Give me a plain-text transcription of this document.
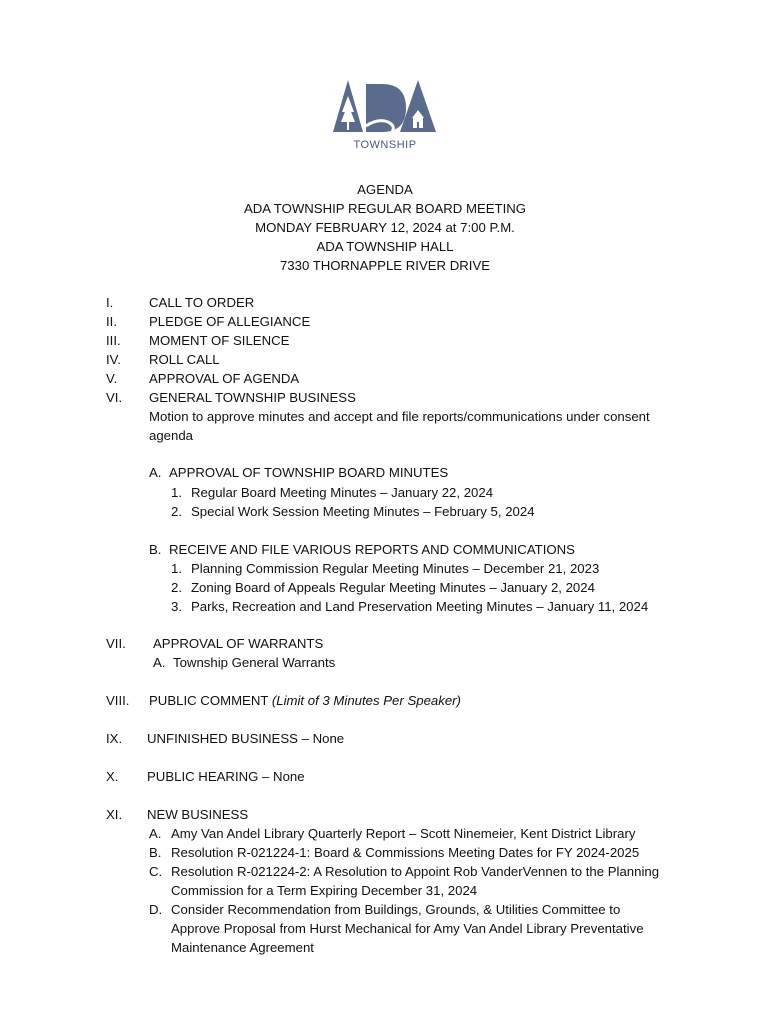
TOWNSHIP
AGENDA
ADA TOWNSHIP REGULAR BOARD MEETING
MONDAY FEBRUARY 12, 2024 at 7:00 P.M.
ADA TOWNSHIP HALL
7330 THORNAPPLE RIVER DRIVE
I.	CALL TO ORDER
II. PLEDGE OF ALLEGIANCE
III. MOMENT OF SILENCE
IV. ROLL CALL
V. APPROVAL OF AGENDA
VI. GENERAL TOWNSHIP BUSINESS
Motion to approve minutes and accept and file reports/communications under consent
agenda
A. APPROVAL OF TOWNSHIP BOARD MINUTES
1. Regular Board Meeting Minutes – January 22, 2024
2. Special Work Session Meeting Minutes – February 5, 2024
B. RECEIVE AND FILE VARIOUS REPORTS AND COMMUNICATIONS
1. Planning Commission Regular Meeting Minutes – December 21, 2023
2. Zoning Board of Appeals Regular Meeting Minutes – January 2, 2024
3. Parks, Recreation and Land Preservation Meeting Minutes – January 11, 2024
VII. APPROVAL OF WARRANTS
A. Township General Warrants
VIII. PUBLIC COMMENT (Limit of 3 Minutes Per Speaker)
IX. UNFINISHED BUSINESS – None
X. PUBLIC HEARING – None
XI. NEW BUSINESS
A. Amy Van Andel Library Quarterly Report – Scott Ninemeier, Kent District Library
B. Resolution R-021224-1: Board & Commissions Meeting Dates for FY 2024-2025
C. Resolution R-021224-2: A Resolution to Appoint Rob VanderVennen to the Planning
Commission for a Term Expiring December 31, 2024
D. Consider Recommendation from Buildings, Grounds, & Utilities Committee to
Approve Proposal from Hurst Mechanical for Amy Van Andel Library Preventative
Maintenance Agreement
